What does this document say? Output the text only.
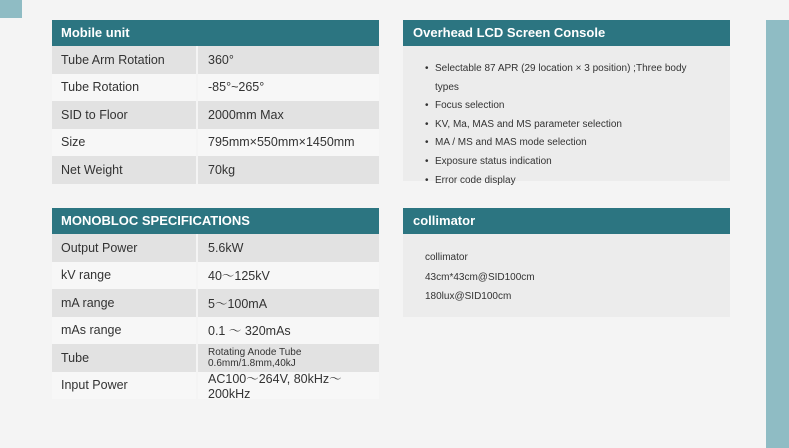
Mobile unit
Tube Arm Rotation	360°
Tube Rotation	-85°~265°
SID to Floor	2000mm Max
Size	795mm×550mm×1450mm
Net Weight	70kg
MONOBLOC SPECIFICATIONS
Output Power	5.6kW
kV range	40～125kV
mA range	5～100mA
mAs range	0.1 ～ 320mAs
Tube	Rotating Anode Tube 0.6mm/1.8mm,40kJ
Input Power	AC100～264V, 80kHz～200kHz
Overhead LCD Screen Console
• Selectable 87 APR (29 location × 3 position) ;Three body types
• Focus selection
• KV, Ma, MAS and MS parameter selection
• MA / MS and MAS mode selection
• Exposure status indication
• Error code display
collimator
collimator
43cm*43cm@SID100cm
180lux@SID100cm
